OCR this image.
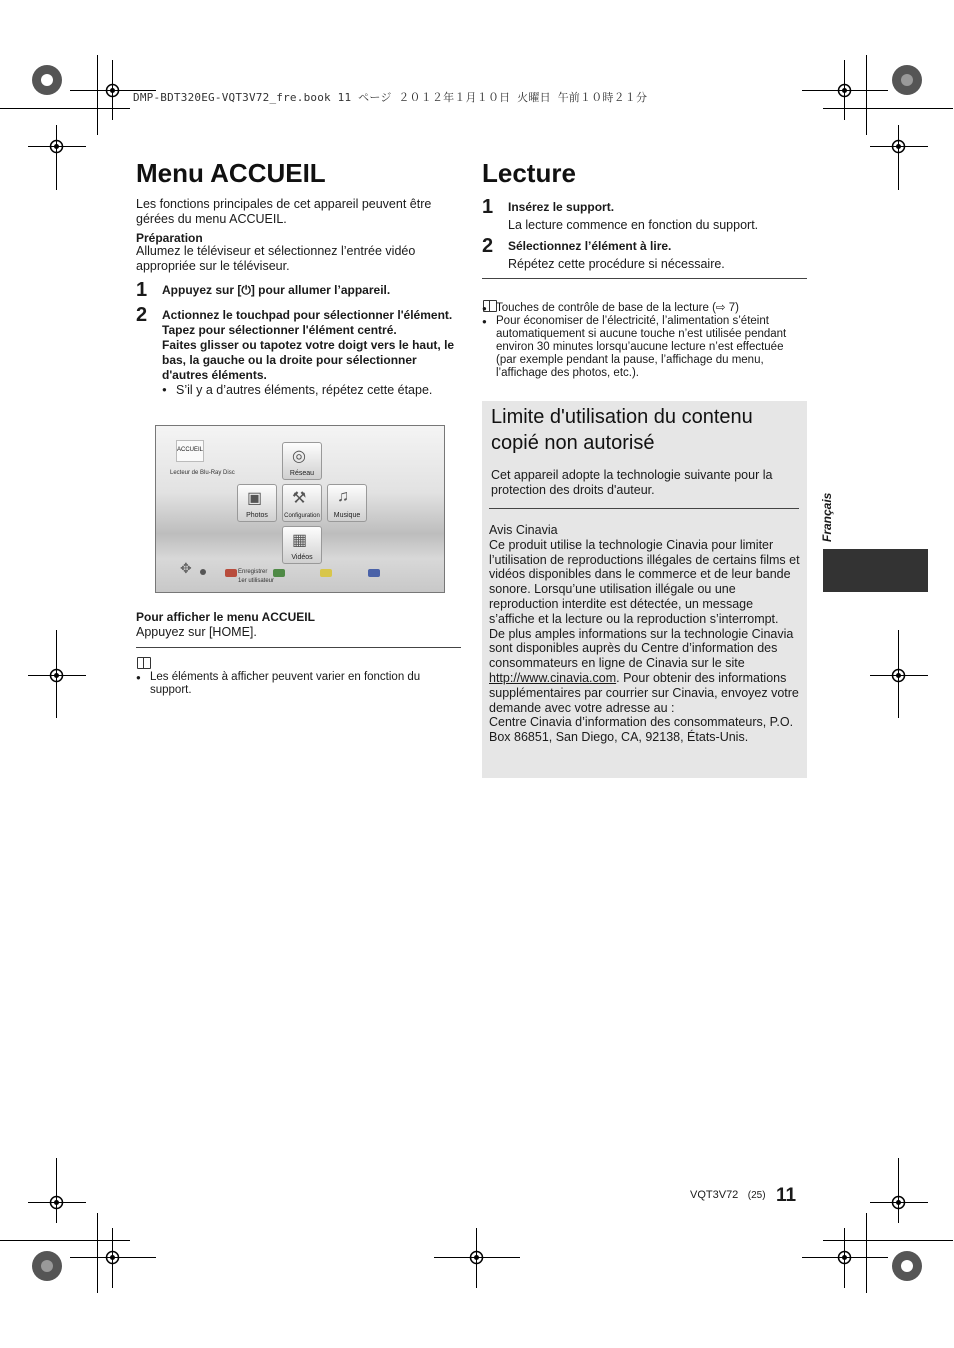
DMP-BDT320EG-VQT3V72_fre.book 11 ページ ２０１２年１月１０日 火曜日 午前１０時２１分
Menu ACCUEIL

Les fonctions principales de cet appareil peuvent être gérées du menu ACCUEIL.

Préparation

Allumez le téléviseur et sélectionnez l’entrée vidéo appropriée sur le téléviseur.

1 Appuyez sur [⏻] pour allumer l’appareil.
2 Actionnez le touchpad pour sélectionner l'élément.
Tapez pour sélectionner l'élément centré.
Faites glisser ou tapotez votre doigt vers le haut, le bas, la gauche ou la droite pour sélectionner d'autres éléments.
● S’il y a d’autres éléments, répétez cette étape.
ACCUEIL
Lecteur de Blu-Ray Disc
◎
Réseau
▣
Photos
⚒
Configuration
♫
Musique
▦
Vidéos
✥	Enregistrer
1er utilisateur

Pour afficher le menu ACCUEIL

Appuyez sur [HOME].

● Les éléments à afficher peuvent varier en fonction du support.
Lecture
1 Insérez le support.
La lecture commence en fonction du support.
2 Sélectionnez l’élément à lire.
Répétez cette procédure si nécessaire.
● Touches de contrôle de base de la lecture (⇨ 7)
● Pour économiser de l’électricité, l’alimentation s’éteint automatiquement si aucune touche n’est utilisée pendant environ 30 minutes lorsqu’aucune lecture n’est effectuée (par exemple pendant la pause, l’affichage du menu, l’affichage des photos, etc.).
Limite d'utilisation du contenu copié non autorisé
Cet appareil adopte la technologie suivante pour la protection des droits d'auteur.
Avis Cinavia
Ce produit utilise la technologie Cinavia pour limiter l’utilisation de reproductions illégales de certains films et vidéos disponibles dans le commerce et de leur bande sonore. Lorsqu’une utilisation illégale ou une reproduction interdite est détectée, un message s’affiche et la lecture ou la reproduction s’interrompt.
De plus amples informations sur la technologie Cinavia sont disponibles auprès du Centre d’information des consommateurs en ligne de Cinavia sur le site http://www.cinavia.com. Pour obtenir des informations supplémentaires par courrier sur Cinavia, envoyez votre demande avec votre adresse au :
Centre Cinavia d’information des consommateurs, P.O. Box 86851, San Diego, CA, 92138, États-Unis.
Français
VQT3V72 (25) 11
